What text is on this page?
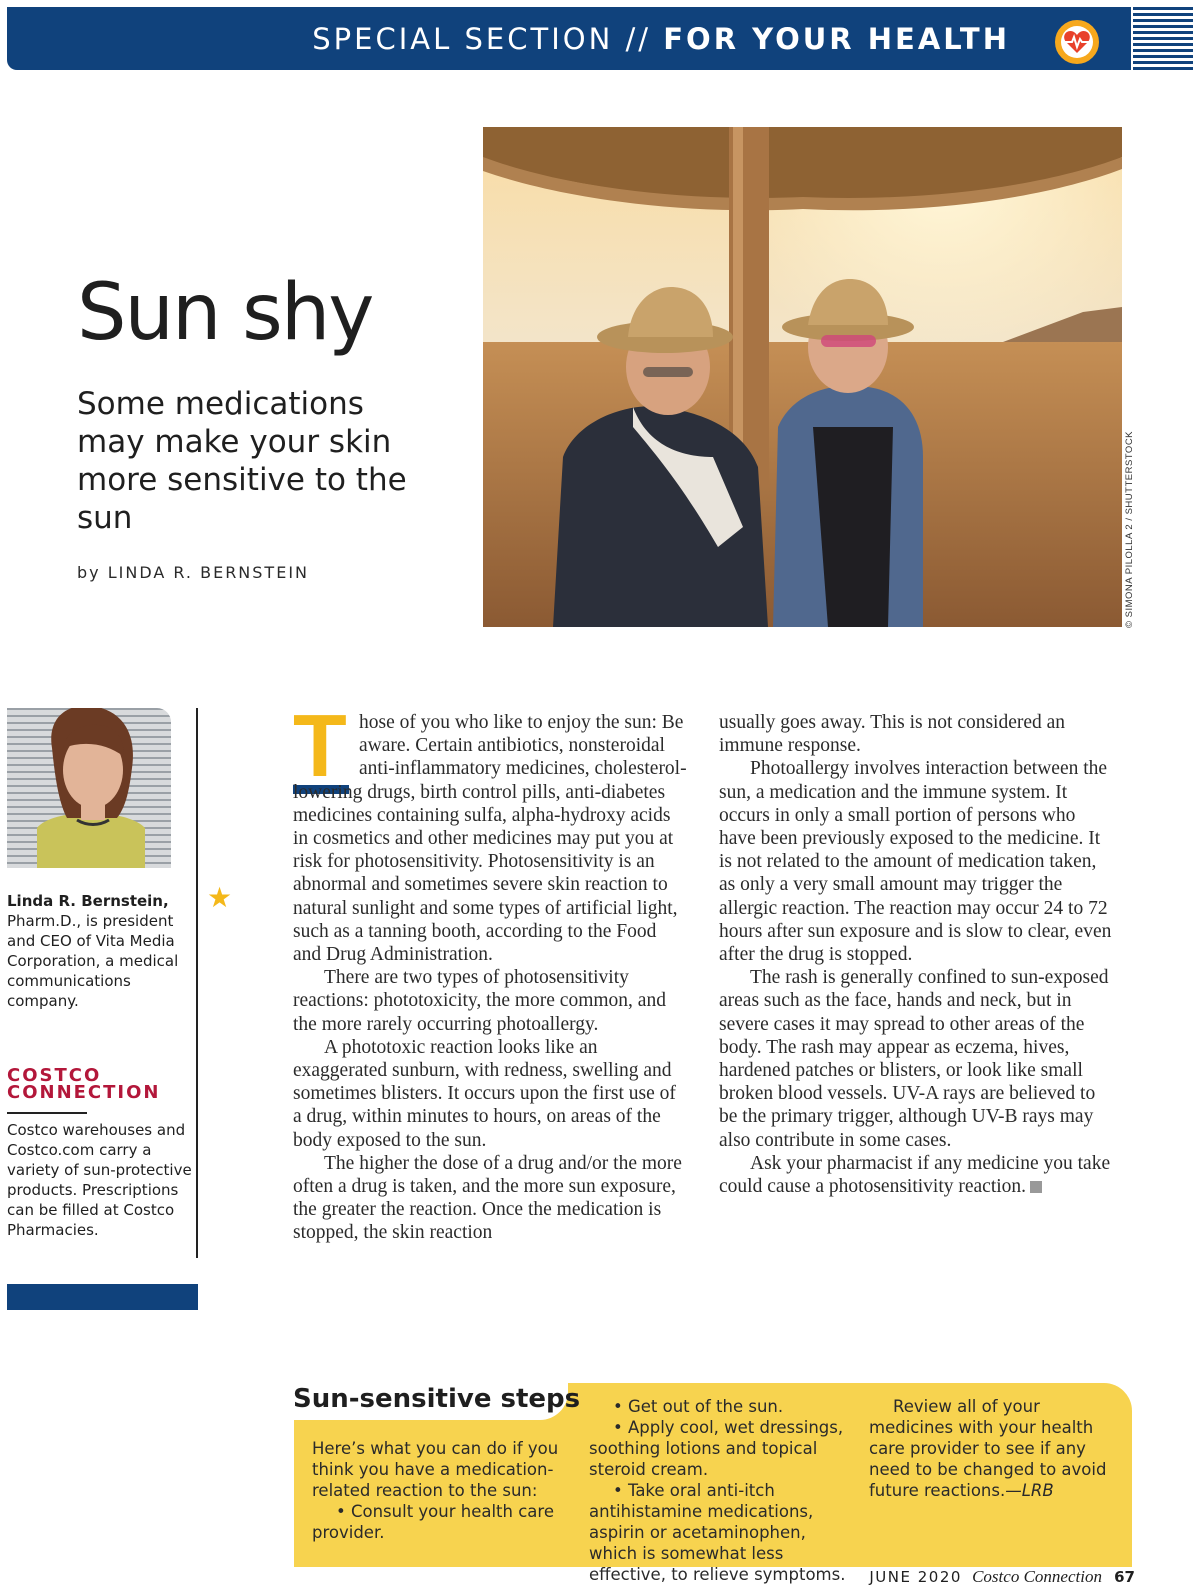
SPECIAL SECTION // FOR YOUR HEALTH
Sun shy

Some medications may make your skin more sensitive to the sun

by LINDA R. BERNSTEIN	© SIMONA PILOLLA 2 / SHUTTERSTOCK

Linda R. Bernstein, Pharm.D., is president and CEO of Vita Media Corporation, a medical communications company.

★
COSTCO CONNECTION

Costco warehouses and Costco.com carry a variety of sun-protective products. Prescriptions can be filled at Costco Pharmacies.

T hose of you who like to enjoy the sun: Be aware. Certain antibiotics, nonsteroidal anti-inflammatory medicines, cholesterol-lowering drugs, birth control pills, anti-diabetes medicines containing sulfa, alpha-hydroxy acids in cosmetics and other medicines may put you at risk for photosensitivity. Photosensitivity is an abnormal and sometimes severe skin reaction to natural sunlight and some types of artificial light, such as a tanning booth, according to the Food and Drug Administration.

There are two types of photosensitivity reactions: phototoxicity, the more common, and the more rarely occurring photoallergy.

A phototoxic reaction looks like an exaggerated sunburn, with redness, swelling and sometimes blisters. It occurs upon the first use of a drug, within minutes to hours, on areas of the body exposed to the sun.

The higher the dose of a drug and/or the more often a drug is taken, and the more sun exposure, the greater the reaction. Once the medication is stopped, the skin reaction

usually goes away. This is not considered an immune response.

Photoallergy involves interaction between the sun, a medication and the immune system. It occurs in only a small portion of persons who have been previously exposed to the medicine. It is not related to the amount of medication taken, as only a very small amount may trigger the allergic reaction. The reaction may occur 24 to 72 hours after sun exposure and is slow to clear, even after the drug is stopped.

The rash is generally confined to sun-exposed areas such as the face, hands and neck, but in severe cases it may spread to other areas of the body. The rash may appear as eczema, hives, hardened patches or blisters, or look like small broken blood vessels. UV-A rays are believed to be the primary trigger, although UV-B rays may also contribute in some cases.

Ask your pharmacist if any medicine you take could cause a photosensitivity reaction.

Sun-sensitive steps

Here’s what you can do if you think you have a medication-related reaction to the sun:

• Consult your health care provider.

• Get out of the sun.

• Apply cool, wet dressings, soothing lotions and topical steroid cream.

• Take oral anti-itch antihistamine medications, aspirin or acetaminophen, which is somewhat less effective, to relieve symptoms.

Review all of your medicines with your health care provider to see if any need to be changed to avoid future reactions.—LRB

JUNE 2020 Costco Connection 67
